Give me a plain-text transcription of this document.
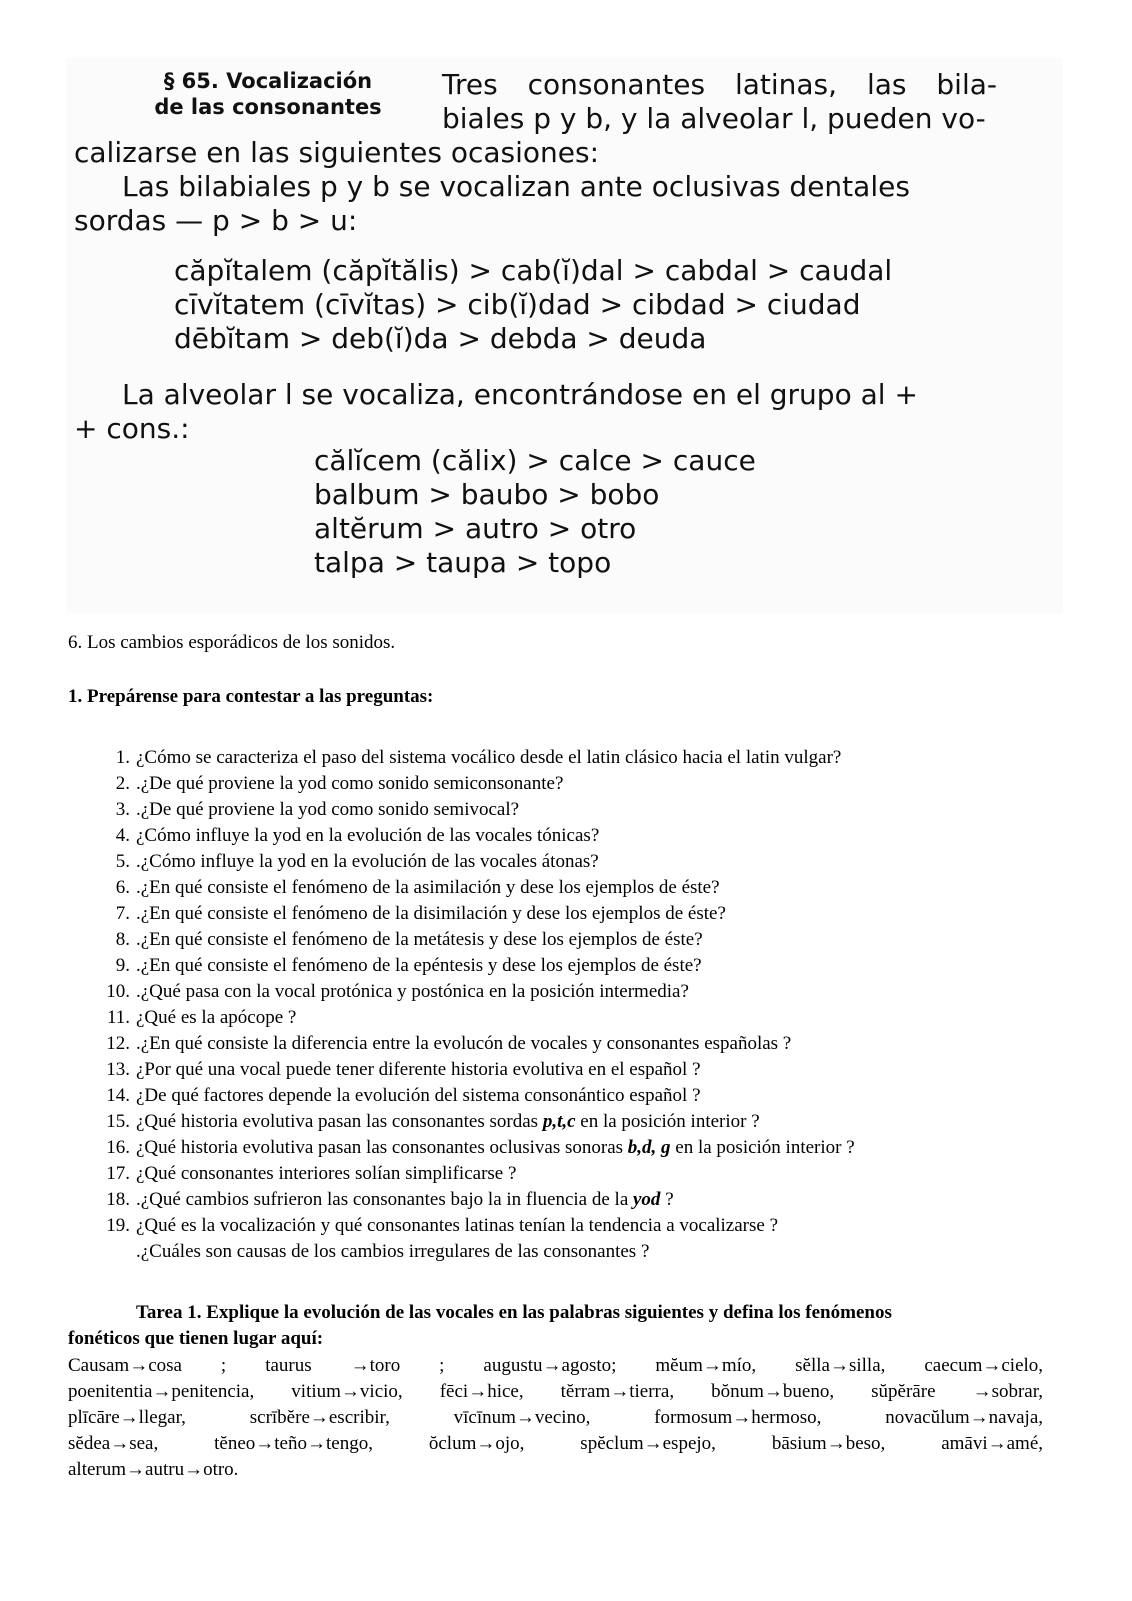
§ 65. Vocalización
de las consonantes
Tres consonantes latinas, las bila-
biales p y b, y la alveolar l, pueden vo-
calizarse en las siguientes ocasiones:
Las bilabiales p y b se vocalizan ante oclusivas dentales
sordas — p > b > u:
căpĭtalem (căpĭtălis) > cab(ĭ)dal > cabdal > caudal
cīvĭtatem (cīvĭtas) > cib(ĭ)dad > cibdad > ciudad
dēbĭtam > deb(ĭ)da > debda > deuda
La alveolar l se vocaliza, encontrándose en el grupo al +
+ cons.:
călĭcem (călix) > calce > cauce
balbum > baubo > bobo
altĕrum > autro > otro
talpa > taupa > topo
6. Los cambios esporádicos de los sonidos.
1. Prepárense para contestar a las preguntas:
1. ¿Cómo se caracteriza el paso del sistema vocálico desde el latin clásico hacia el latin vulgar?
2. .¿De qué proviene la yod como sonido semiconsonante?
3. .¿De qué proviene la yod como sonido semivocal?
4. ¿Cómo influye la yod en la evolución de las vocales tónicas?
5. .¿Cómo influye la yod en la evolución de las vocales átonas?
6. .¿En qué consiste el fenómeno de la asimilación y dese los ejemplos de éste?
7. .¿En qué consiste el fenómeno de la disimilación y dese los ejemplos de éste?
8. .¿En qué consiste el fenómeno de la metátesis y dese los ejemplos de éste?
9. .¿En qué consiste el fenómeno de la epéntesis y dese los ejemplos de éste?
10. .¿Qué pasa con la vocal protónica y postónica en la posición intermedia?
11. ¿Qué es la apócope ?
12. .¿En qué consiste la diferencia entre la evolucón de vocales y consonantes españolas ?
13. ¿Por qué una vocal puede tener diferente historia evolutiva en el español ?
14. ¿De qué factores depende la evolución del sistema consonántico español ?
15. ¿Qué historia evolutiva pasan las consonantes sordas p,t,c en la posición interior ?
16. ¿Qué historia evolutiva pasan las consonantes oclusivas sonoras b,d, g en la posición interior ?
17. ¿Qué consonantes interiores solían simplificarse ?
18. .¿Qué cambios sufrieron las consonantes bajo la in fluencia de la yod ?
19. ¿Qué es la vocalización y qué consonantes latinas tenían la tendencia a vocalizarse ?
.¿Cuáles son causas de los cambios irregulares de las consonantes ?
Tarea 1. Explique la evolución de las vocales en las palabras siguientes y defina los fenómenos
fonéticos que tienen lugar aquí:
Causam→cosa ; taurus →toro ; augustu→agosto; mĕum→mío, sĕlla→silla, caecum→cielo,
poenitentia→penitencia, vitium→vicio, fēci→hice, tĕrram→tierra, bŏnum→bueno, sŭpĕrāre →sobrar,
plīcāre→llegar,	scrībĕre→escribir,	vīcīnum→vecino,	formosum→hermoso,	novacŭlum→navaja,
sĕdea→sea,	tĕneo→teño→tengo,	ŏclum→ojo,	spĕclum→espejo,	bāsium→beso,	amāvi→amé,
alterum→autru→otro.
